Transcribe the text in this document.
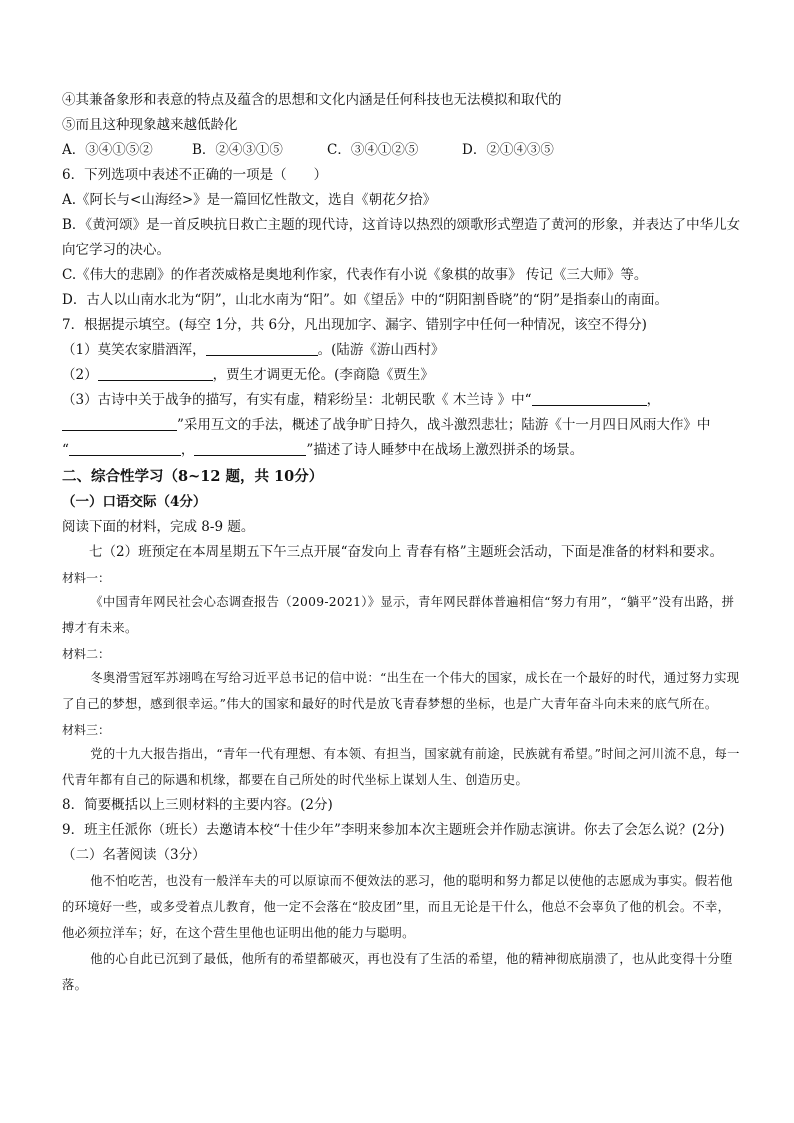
④其兼备象形和表意的特点及蕴含的思想和文化内涵是任何科技也无法模拟和取代的
⑤而且这种现象越来越低龄化
A．③④①⑤②	B．②④③①⑤	C．③④①②⑤	D．②①④③⑤
6．下列选项中表述不正确的一项是（　　）
A.《阿长与<山海经>》是一篇回忆性散文，选自《朝花夕拾》
B．《黄河颂》是一首反映抗日救亡主题的现代诗，这首诗以热烈的颂歌形式塑造了黄河的形象，并表达了中华儿女向它学习的决心。
C.《伟大的悲剧》的作者茨威格是奥地利作家，代表作有小说《象棋的故事》 传记《三大师》等。
D．古人以山南水北为“阴”，山北水南为“阳”。如《望岳》中的“阴阳割昏晓”的“阴”是指泰山的南面。
7．根据提示填空。(每空 1分，共 6分，凡出现加字、漏字、错别字中任何一种情况，该空不得分)
（1）莫笑农家腊酒浑，	。(陆游《游山西村》
（2）	，贾生才调更无伦。(李商隐《贾生》
（3）古诗中关于战争的描写，有实有虚，精彩纷呈：北朝民歌《 木兰诗 》中“	，
”采用互文的手法，概述了战争旷日持久，战斗激烈悲壮；陆游《十一月四日风雨大作》中
“	，	”描述了诗人睡梦中在战场上激烈拼杀的场景。
二、综合性学习（8~12 题，共 10分）
（一）口语交际（4分）
阅读下面的材料，完成 8-9 题。
七（2）班预定在本周星期五下午三点开展“奋发向上 青春有格”主题班会活动，下面是准备的材料和要求。
材料一：
《中国青年网民社会心态调查报告（2009-2021）》显示，青年网民群体普遍相信“努力有用”，“躺平”没有出路，拼搏才有未来。
材料二：
冬奥滑雪冠军苏翊鸣在写给习近平总书记的信中说：“出生在一个伟大的国家，成长在一个最好的时代，通过努力实现了自己的梦想，感到很幸运。”伟大的国家和最好的时代是放飞青春梦想的坐标，也是广大青年奋斗向未来的底气所在。
材料三：
党的十九大报告指出，“青年一代有理想、有本领、有担当，国家就有前途，民族就有希望。”时间之河川流不息，每一代青年都有自己的际遇和机缘，都要在自己所处的时代坐标上谋划人生、创造历史。
8．简要概括以上三则材料的主要内容。(2分)
9．班主任派你（班长）去邀请本校“十佳少年”李明来参加本次主题班会并作励志演讲。你去了会怎么说？(2分)
（二）名著阅读（3分）
他不怕吃苦，也没有一般洋车夫的可以原谅而不便效法的恶习，他的聪明和努力都足以使他的志愿成为事实。假若他的环境好一些，或多受着点儿教育，他一定不会落在“胶皮团”里，而且无论是干什么，他总不会辜负了他的机会。不幸，他必须拉洋车；好，在这个营生里他也证明出他的能力与聪明。
他的心自此已沉到了最低，他所有的希望都破灭，再也没有了生活的希望，他的精神彻底崩溃了，也从此变得十分堕落。
